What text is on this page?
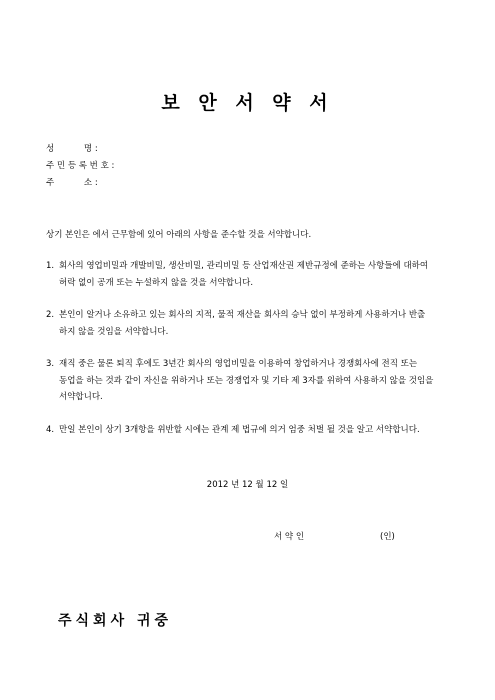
보 안 서 약 서
성           명 :
주 민 등 록 번 호 :
주           소 :
상기 본인은 에서 근무함에 있어 아래의 사항을 준수할 것을 서약합니다.
1. 회사의 영업비밀과 개발비밀, 생산비밀, 관리비밀 등 산업재산권 제반규정에 준하는 사항들에 대하여
허락 없이 공개 또는 누설하지 않을 것을 서약합니다.
2. 본인이 알거나 소유하고 있는 회사의 지적, 물적 재산을 회사의 승낙 없이 부정하게 사용하거나 반출
하지 않을 것임을 서약합니다.
3. 재직 중은 물론 퇴직 후에도 3년간 회사의 영업비밀을 이용하여 창업하거나 경쟁회사에 전직 또는
동업을 하는 것과 같이 자신을 위하거나 또는 경쟁업자 및 기타 제 3자를 위하여 사용하지 않을 것임을
서약합니다.
4. 만일 본인이 상기 3개항을 위반할 시에는 관계 제 법규에 의거 엄중 처벌 될 것을 알고 서약합니다.
2012 년 12 월 12 일
서 약 인	(인)
주식회사 귀중
